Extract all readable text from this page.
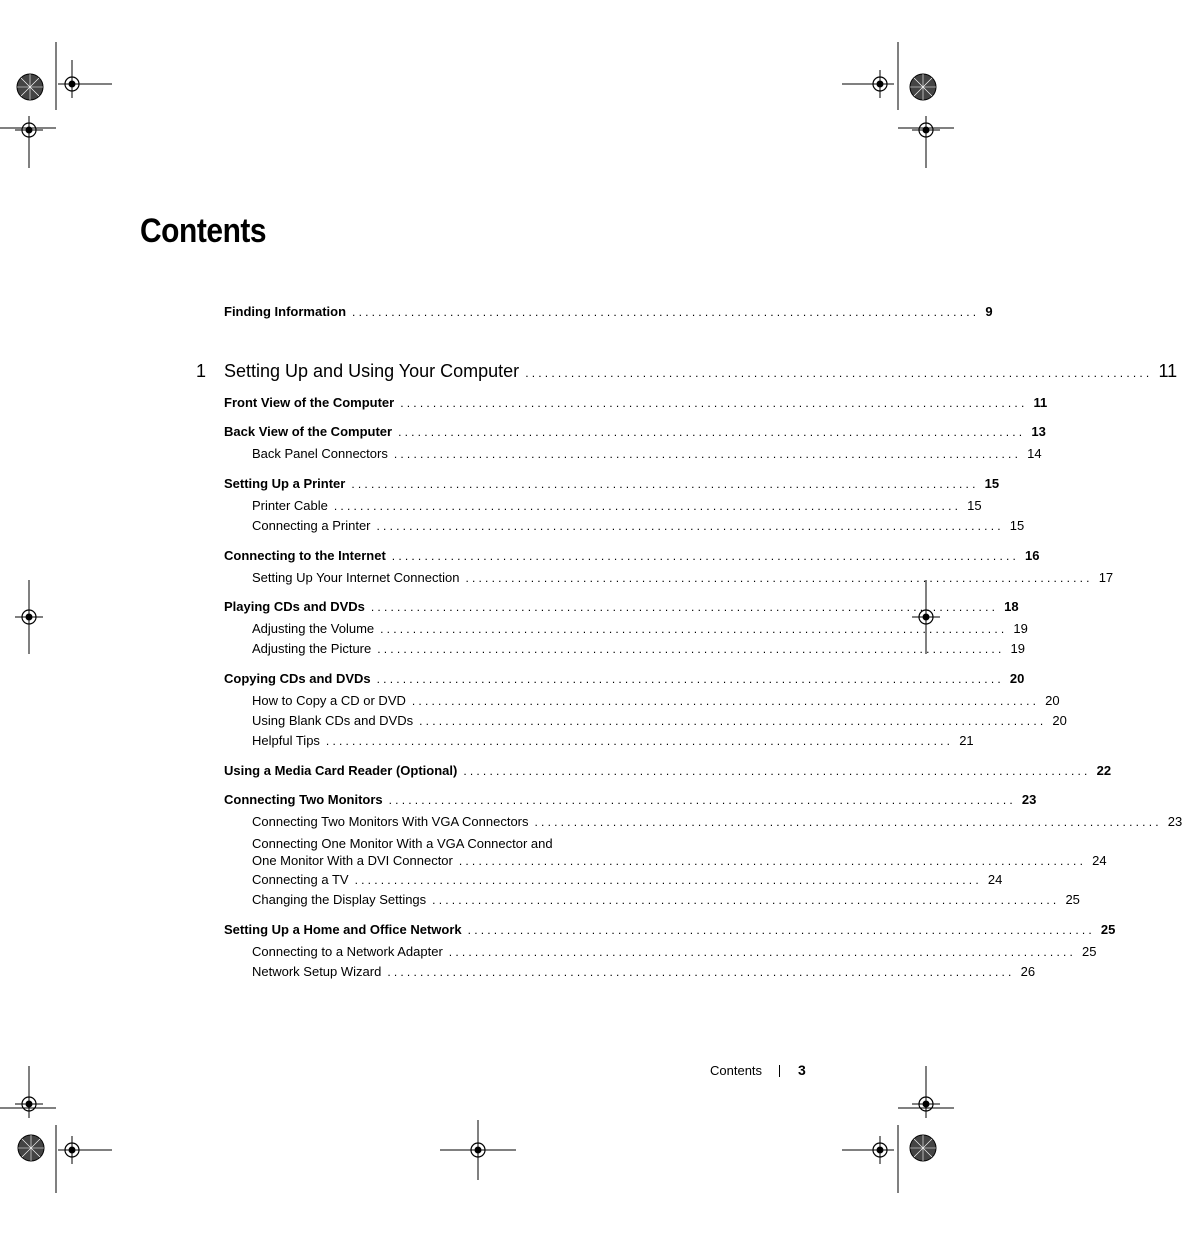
Contents
Finding Information ................................................................................................ 9
1 Setting Up and Using Your Computer ................................................................................................ 11
Front View of the Computer ................................................................................................ 11
Back View of the Computer ................................................................................................ 13
Back Panel Connectors ................................................................................................ 14
Setting Up a Printer ................................................................................................ 15
Printer Cable ................................................................................................ 15
Connecting a Printer ................................................................................................ 15
Connecting to the Internet ................................................................................................ 16
Setting Up Your Internet Connection ................................................................................................ 17
Playing CDs and DVDs ................................................................................................ 18
Adjusting the Volume ................................................................................................ 19
Adjusting the Picture ................................................................................................ 19
Copying CDs and DVDs ................................................................................................ 20
How to Copy a CD or DVD ................................................................................................ 20
Using Blank CDs and DVDs ................................................................................................ 20
Helpful Tips ................................................................................................ 21
Using a Media Card Reader (Optional) ................................................................................................ 22
Connecting Two Monitors ................................................................................................ 23
Connecting Two Monitors With VGA Connectors ................................................................................................ 23
Connecting One Monitor With a VGA Connector and
One Monitor With a DVI Connector ................................................................................................ 24
Connecting a TV ................................................................................................ 24
Changing the Display Settings ................................................................................................ 25
Setting Up a Home and Office Network ................................................................................................ 25
Connecting to a Network Adapter ................................................................................................ 25
Network Setup Wizard ................................................................................................ 26
Contents	3
